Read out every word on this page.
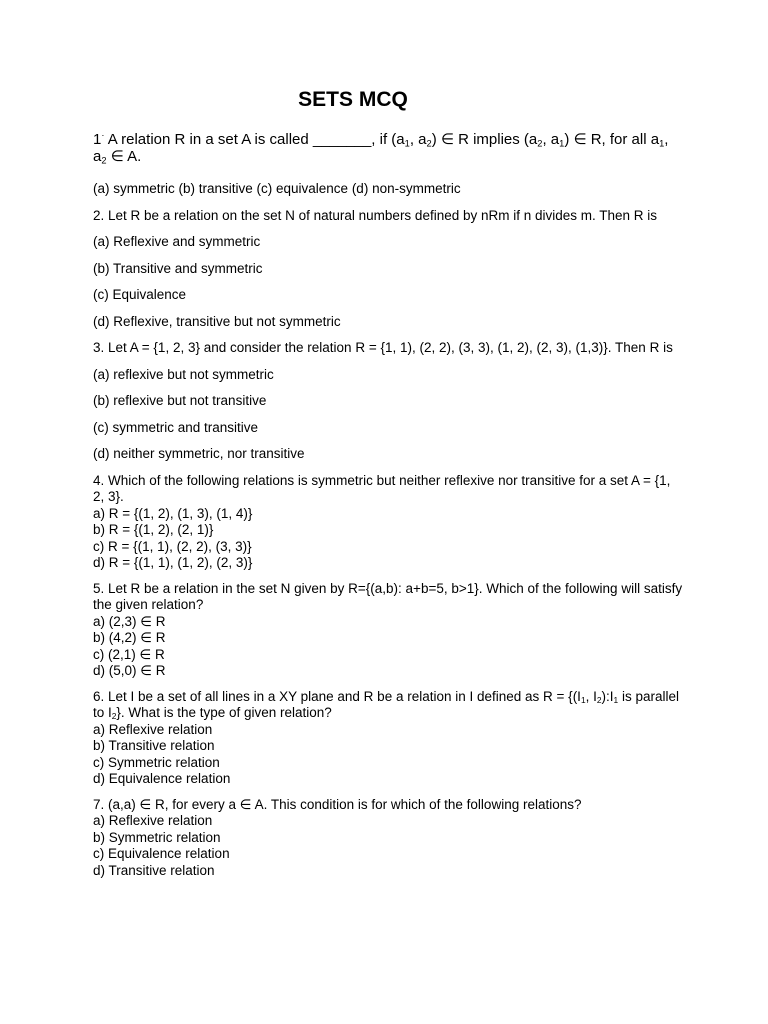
SETS MCQ
1· A relation R in a set A is called _______, if ($a_1$, $a_2$) ∈ R implies ($a_2$, $a_1$) ∈ R, for all $a_1$, $a_2$ ∈ A.

(a) symmetric (b) transitive (c) equivalence (d) non-symmetric

2. Let R be a relation on the set N of natural numbers defined by nRm if n divides m. Then R is

(a) Reflexive and symmetric

(b) Transitive and symmetric

(c) Equivalence

(d) Reflexive, transitive but not symmetric

3. Let A = {1, 2, 3} and consider the relation R = {1, 1), (2, 2), (3, 3), (1, 2), (2, 3), (1,3)}. Then R is

(a) reflexive but not symmetric

(b) reflexive but not transitive

(c) symmetric and transitive

(d) neither symmetric, nor transitive

4. Which of the following relations is symmetric but neither reflexive nor transitive for a set A = {1, 2, 3}.

a) R = {(1, 2), (1, 3), (1, 4)}

b) R = {(1, 2), (2, 1)}

c) R = {(1, 1), (2, 2), (3, 3)}

d) R = {(1, 1), (1, 2), (2, 3)}

5. Let R be a relation in the set N given by R={(a,b): a+b=5, b>1}. Which of the following will satisfy the given relation?

a) (2,3) ∈ R

b) (4,2) ∈ R

c) (2,1) ∈ R

d) (5,0) ∈ R

6. Let I be a set of all lines in a XY plane and R be a relation in I defined as $R = \{(I_1$, $I_2):I_1$ is parallel to $I_2$}. What is the type of given relation?

a) Reflexive relation

b) Transitive relation

c) Symmetric relation

d) Equivalence relation

7. (a,a) ∈ R, for every a ∈ A. This condition is for which of the following relations?

a) Reflexive relation

b) Symmetric relation

c) Equivalence relation

d) Transitive relation
